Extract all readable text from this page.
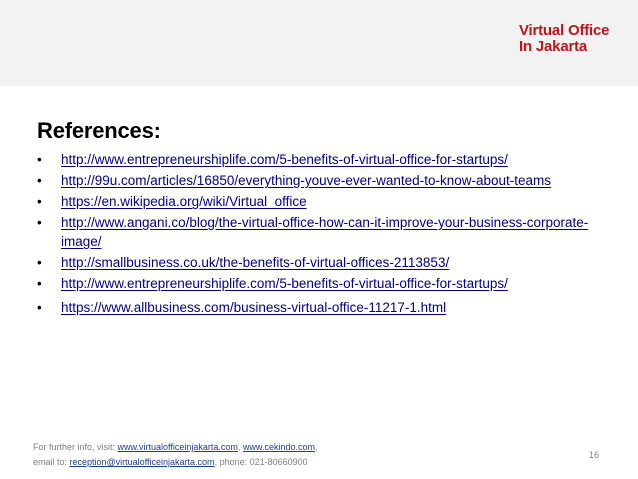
Virtual Office
In Jakarta
References:
• http://www.entrepreneurshiplife.com/5-benefits-of-virtual-office-for-startups/
• http://99u.com/articles/16850/everything-youve-ever-wanted-to-know-about-teams
• https://en.wikipedia.org/wiki/Virtual_office
• http://www.angani.co/blog/the-virtual-office-how-can-it-improve-your-business-corporate-image/
• http://smallbusiness.co.uk/the-benefits-of-virtual-offices-2113853/
• http://www.entrepreneurshiplife.com/5-benefits-of-virtual-office-for-startups/
• https://www.allbusiness.com/business-virtual-office-11217-1.html
For further info, visit: www.virtualofficeinjakarta.com, www.cekindo.com,
email to: reception@virtualofficeinjakarta.com, phone: 021-80660900
16
